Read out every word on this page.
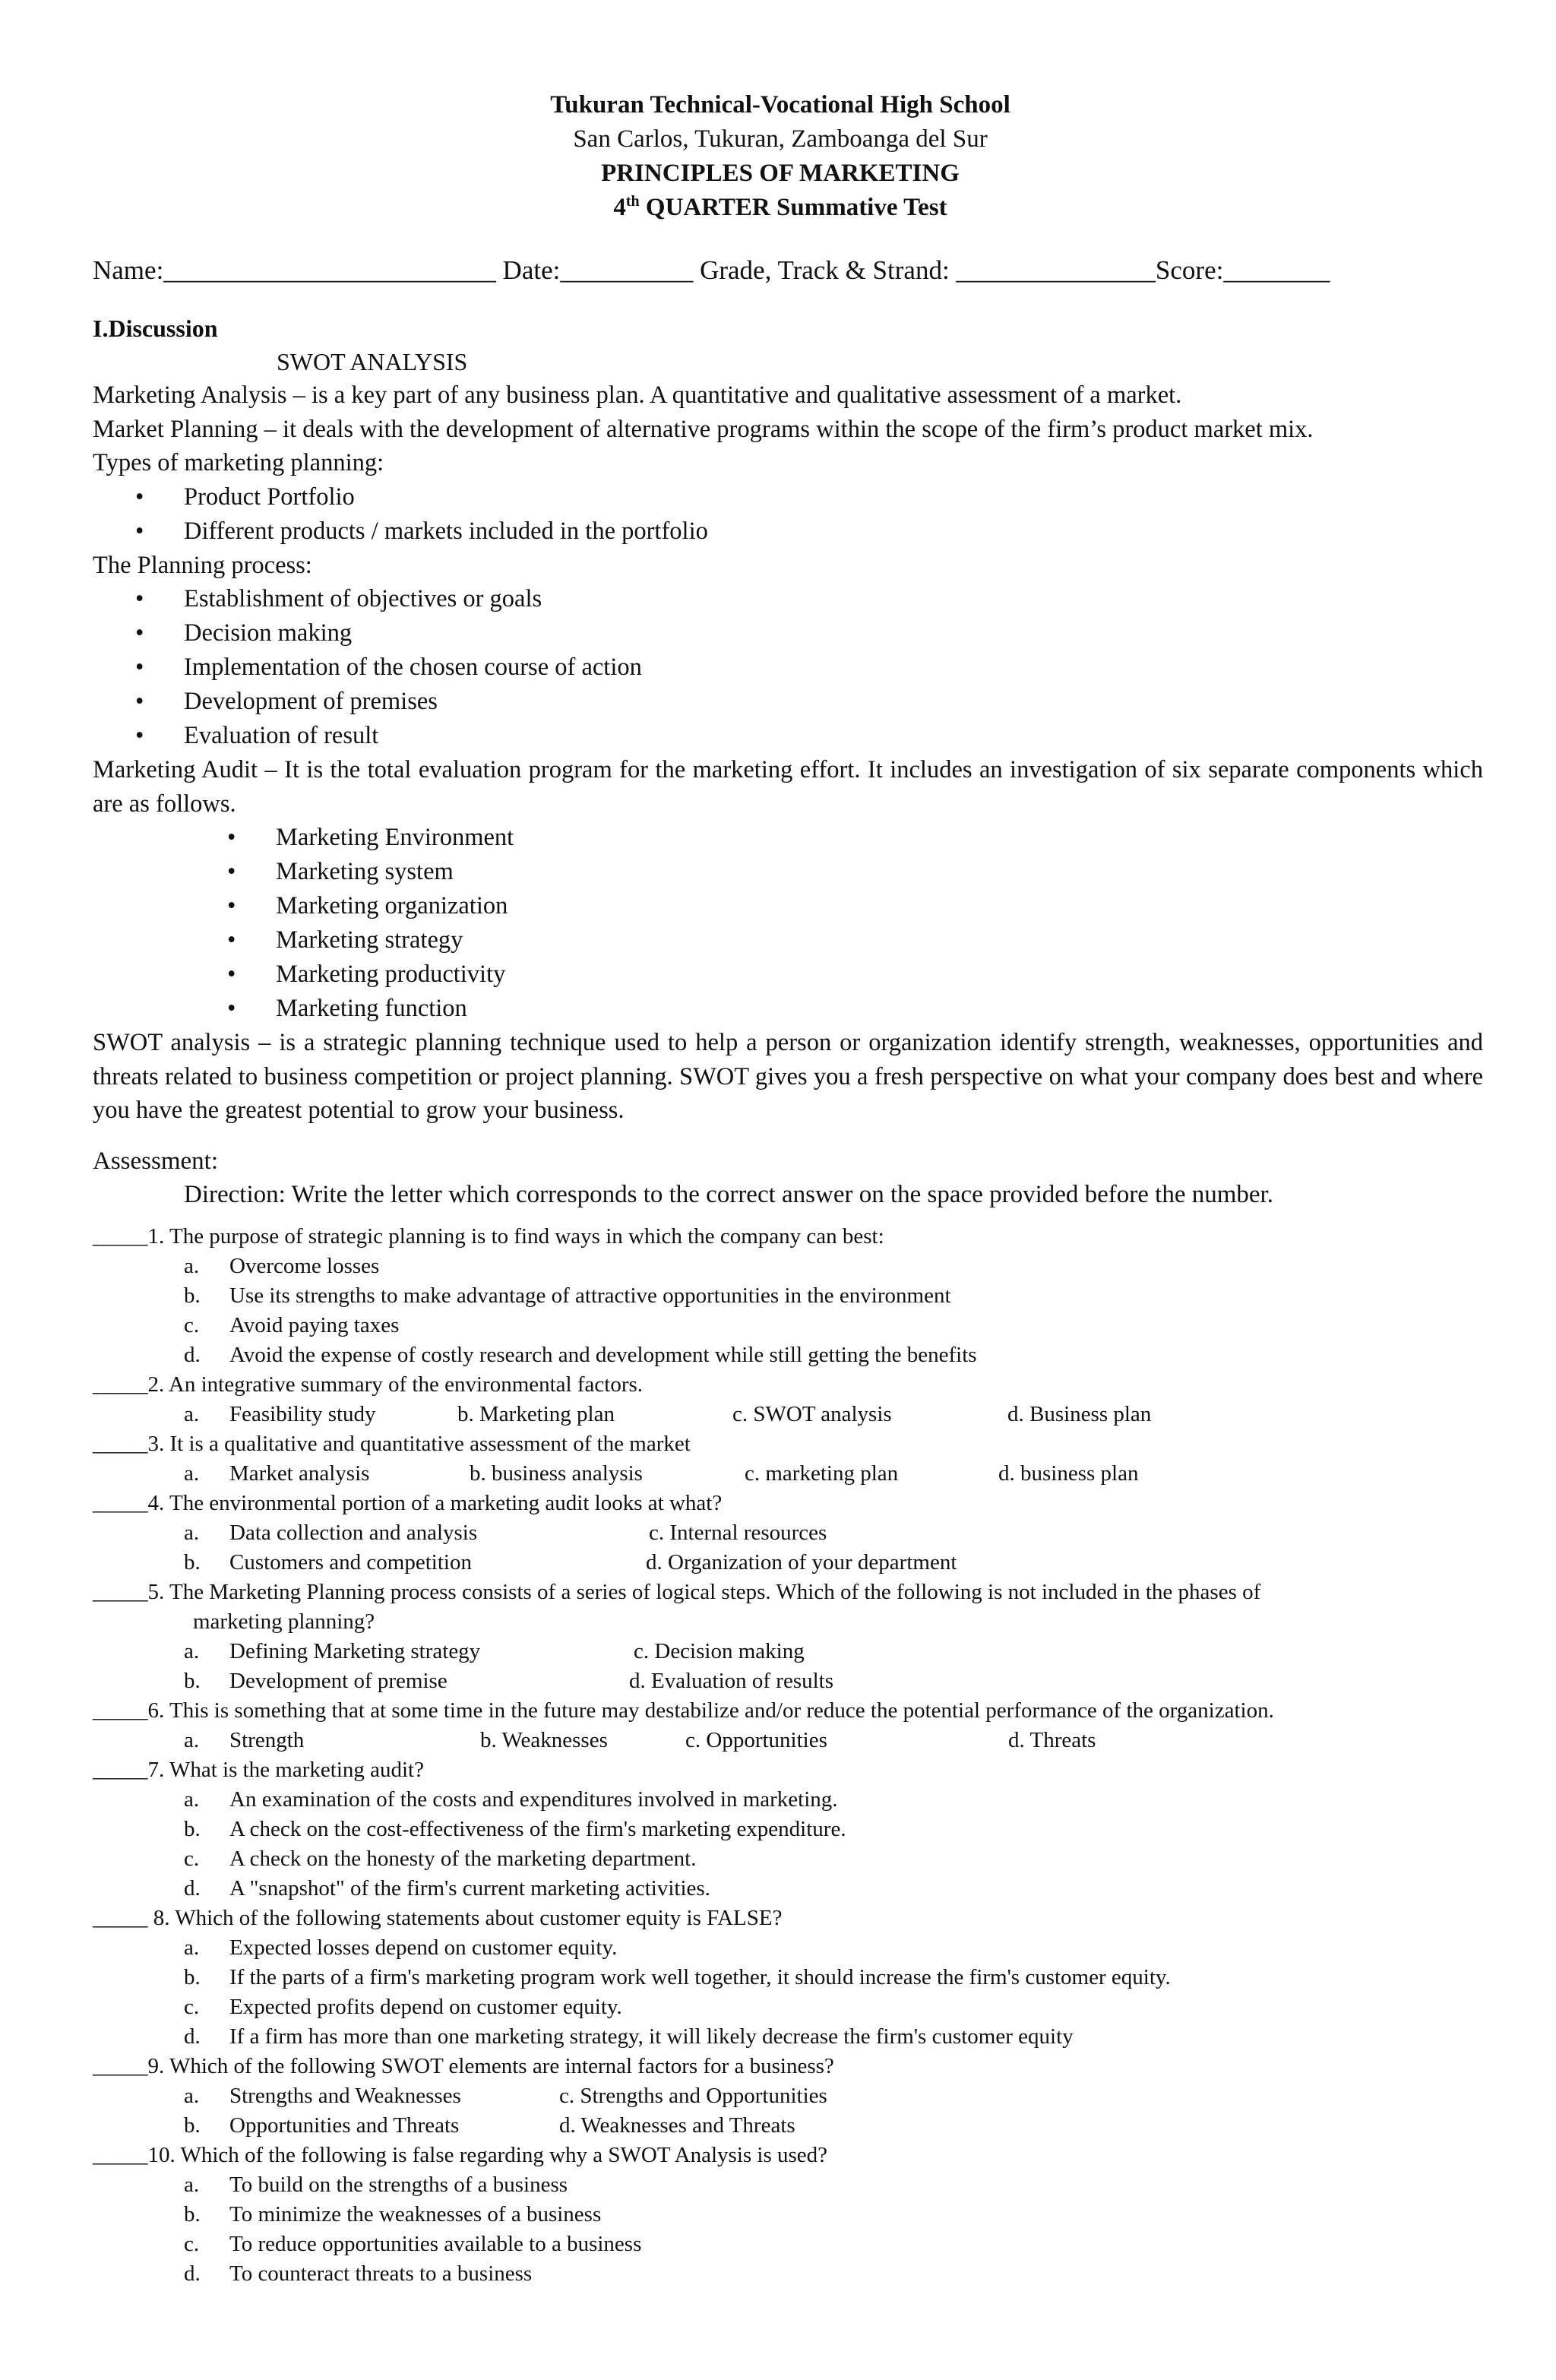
Tukuran Technical-Vocational High School
San Carlos, Tukuran, Zamboanga del Sur
PRINCIPLES OF MARKETING
4th QUARTER Summative Test
Name:_________________________ Date:__________ Grade, Track & Strand: _______________ Score:________
I.Discussion
SWOT ANALYSIS

Marketing Analysis – is a key part of any business plan. A quantitative and qualitative assessment of a market.

Market Planning – it deals with the development of alternative programs within the scope of the firm’s product market mix.

Types of marketing planning:

• Product Portfolio
• Different products / markets included in the portfolio

The Planning process:

• Establishment of objectives or goals
• Decision making
• Implementation of the chosen course of action
• Development of premises
• Evaluation of result

Marketing Audit – It is the total evaluation program for the marketing effort. It includes an investigation of six separate components which are as follows.

• Marketing Environment
• Marketing system
• Marketing organization
• Marketing strategy
• Marketing productivity
• Marketing function

SWOT analysis – is a strategic planning technique used to help a person or organization identify strength, weaknesses, opportunities and threats related to business competition or project planning. SWOT gives you a fresh perspective on what your company does best and where you have the greatest potential to grow your business.

Assessment:
Direction: Write the letter which corresponds to the correct answer on the space provided before the number.
_____1. The purpose of strategic planning is to find ways in which the company can best:
a. Overcome losses
b. Use its strengths to make advantage of attractive opportunities in the environment
c. Avoid paying taxes
d. Avoid the expense of costly research and development while still getting the benefits
_____2. An integrative summary of the environmental factors.
a. Feasibility study	b. Marketing plan	c. SWOT analysis	d. Business plan
_____3. It is a qualitative and quantitative assessment of the market
a. Market analysis	b. business analysis	c. marketing plan	d. business plan
_____4. The environmental portion of a marketing audit looks at what?
a. Data collection and analysis	c. Internal resources
b. Customers and competition	d. Organization of your department
_____5. The Marketing Planning process consists of a series of logical steps. Which of the following is not included in the phases of
marketing planning?
a. Defining Marketing strategy	c. Decision making
b. Development of premise	d. Evaluation of results
_____6. This is something that at some time in the future may destabilize and/or reduce the potential performance of the organization.
a. Strength	b. Weaknesses	c. Opportunities	d. Threats
_____7. What is the marketing audit?
a. An examination of the costs and expenditures involved in marketing.
b. A check on the cost-effectiveness of the firm's marketing expenditure.
c. A check on the honesty of the marketing department.
d. A "snapshot" of the firm's current marketing activities.
_____ 8. Which of the following statements about customer equity is FALSE?
a. Expected losses depend on customer equity.
b. If the parts of a firm's marketing program work well together, it should increase the firm's customer equity.
c. Expected profits depend on customer equity.
d. If a firm has more than one marketing strategy, it will likely decrease the firm's customer equity
_____9. Which of the following SWOT elements are internal factors for a business?
a. Strengths and Weaknesses	c. Strengths and Opportunities
b. Opportunities and Threats	d. Weaknesses and Threats
_____10. Which of the following is false regarding why a SWOT Analysis is used?
a. To build on the strengths of a business
b. To minimize the weaknesses of a business
c. To reduce opportunities available to a business
d. To counteract threats to a business
